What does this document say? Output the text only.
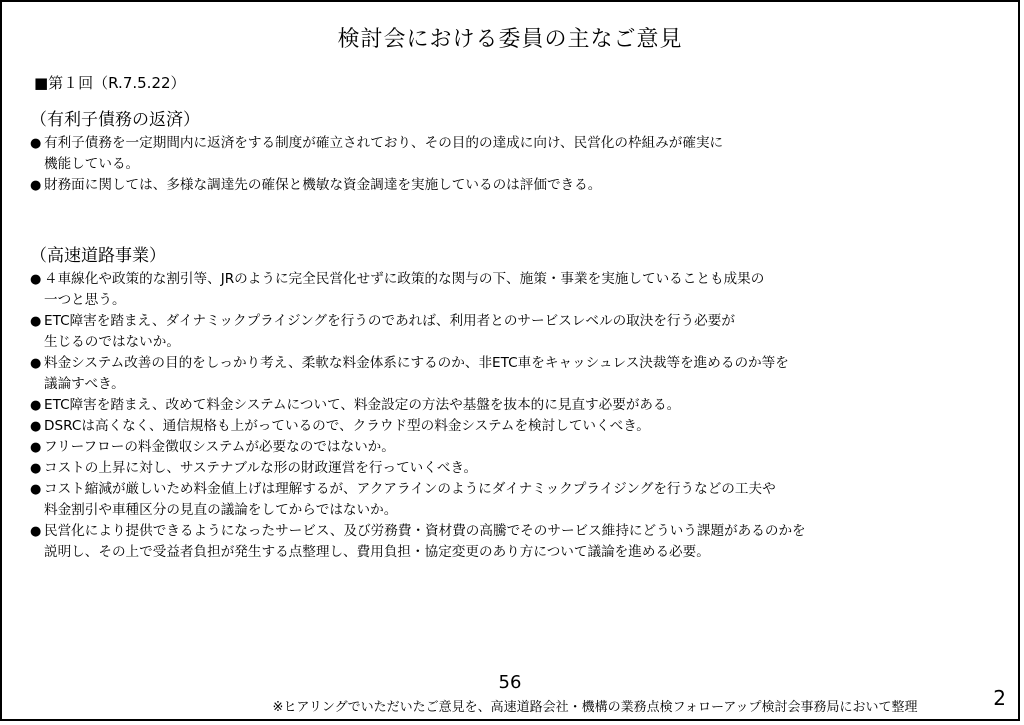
検討会における委員の主なご意見
■第１回（R.7.5.22）
（有利子債務の返済）
● 有利子債務を一定期間内に返済をする制度が確立されており、その目的の達成に向け、民営化の枠組みが確実に
機能している。
● 財務面に関しては、多様な調達先の確保と機敏な資金調達を実施しているのは評価できる。
（高速道路事業）
● ４車線化や政策的な割引等、JRのように完全民営化せずに政策的な関与の下、施策・事業を実施していることも成果の
一つと思う。
● ETC障害を踏まえ、ダイナミックプライジングを行うのであれば、利用者とのサービスレベルの取決を行う必要が
生じるのではないか。
● 料金システム改善の目的をしっかり考え、柔軟な料金体系にするのか、非ETC車をキャッシュレス決裁等を進めるのか等を
議論すべき。
● ETC障害を踏まえ、改めて料金システムについて、料金設定の方法や基盤を抜本的に見直す必要がある。
● DSRCは高くなく、通信規格も上がっているので、クラウド型の料金システムを検討していくべき。
● フリーフローの料金徴収システムが必要なのではないか。
● コストの上昇に対し、サステナブルな形の財政運営を行っていくべき。
● コスト縮減が厳しいため料金値上げは理解するが、アクアラインのようにダイナミックプライジングを行うなどの工夫や
料金割引や車種区分の見直の議論をしてからではないか。
● 民営化により提供できるようになったサービス、及び労務費・資材費の高騰でそのサービス維持にどういう課題があるのかを
説明し、その上で受益者負担が発生する点整理し、費用負担・協定変更のあり方について議論を進める必要。
56
※ヒアリングでいただいたご意見を、高速道路会社・機構の業務点検フォローアップ検討会事務局において整理	2
